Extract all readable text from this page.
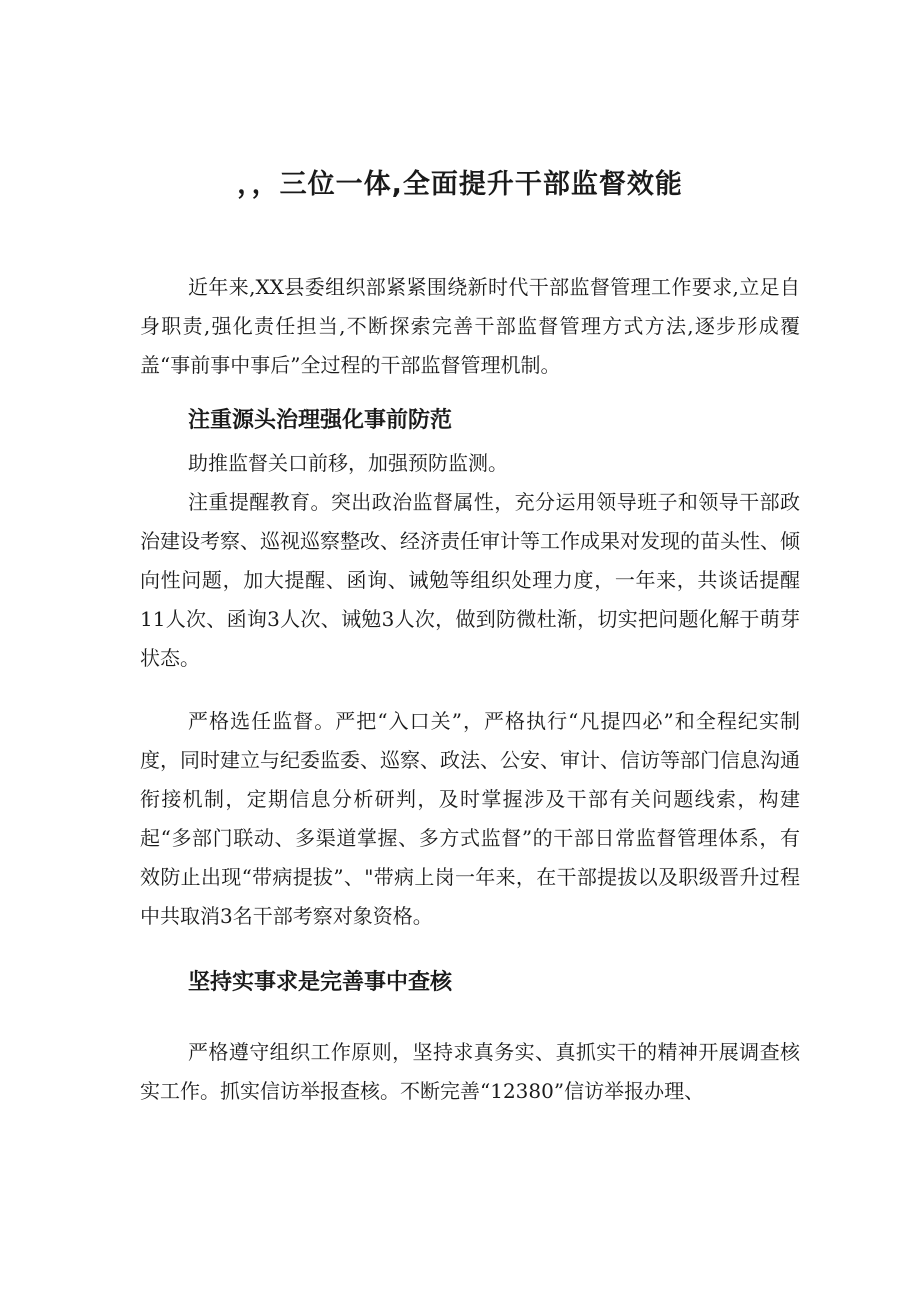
，，三位一体,全面提升干部监督效能

近年来,XX县委组织部紧紧围绕新时代干部监督管理工作要求,立足自身职责,强化责任担当,不断探索完善干部监督管理方式方法,逐步形成覆盖“事前事中事后”全过程的干部监督管理机制。

注重源头治理强化事前防范

助推监督关口前移，加强预防监测。

注重提醒教育。突出政治监督属性，充分运用领导班子和领导干部政治建设考察、巡视巡察整改、经济责任审计等工作成果对发现的苗头性、倾向性问题，加大提醒、函询、诫勉等组织处理力度，一年来，共谈话提醒11人次、函询3人次、诫勉3人次，做到防微杜渐，切实把问题化解于萌芽状态。

严格选任监督。严把“入口关”，严格执行“凡提四必”和全程纪实制度，同时建立与纪委监委、巡察、政法、公安、审计、信访等部门信息沟通衔接机制，定期信息分析研判，及时掌握涉及干部有关问题线索，构建起“多部门联动、多渠道掌握、多方式监督”的干部日常监督管理体系，有效防止出现“带病提拔”、"带病上岗一年来，在干部提拔以及职级晋升过程中共取消3名干部考察对象资格。

坚持实事求是完善事中查核

严格遵守组织工作原则，坚持求真务实、真抓实干的精神开展调查核实工作。抓实信访举报查核。不断完善“12380”信访举报办理、
